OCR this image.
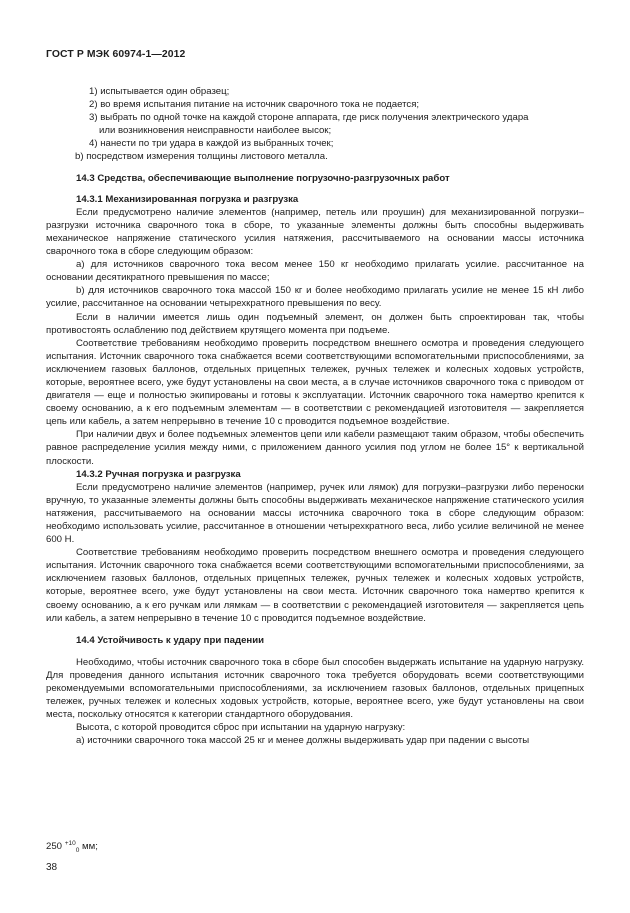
ГОСТ Р МЭК 60974-1—2012

1) испытывается один образец;

2) во время испытания питание на источник сварочного тока не подается;

3) выбрать по одной точке на каждой стороне аппарата, где риск получения электрического удара
или возникновения неисправности наиболее высок;

4) нанести по три удара в каждой из выбранных точек;

b) посредством измерения толщины листового металла.

14.3 Средства, обеспечивающие выполнение погрузочно-разгрузочных работ

14.3.1 Механизированная погрузка и разгрузка

Если предусмотрено наличие элементов (например, петель или проушин) для механизированной погрузки–разгрузки источника сварочного тока в сборе, то указанные элементы должны быть способны выдерживать механическое напряжение статического усилия натяжения, рассчитываемого на основании массы источника сварочного тока в сборе следующим образом:

a) для источников сварочного тока весом менее 150 кг необходимо прилагать усилие. рассчитанное на основании десятикратного превышения по массе;

b) для источников сварочного тока массой 150 кг и более необходимо прилагать усилие не менее 15 кН либо усилие, рассчитанное на основании четырехкратного превышения по весу.

Если в наличии имеется лишь один подъемный элемент, он должен быть спроектирован так, чтобы противостоять ослаблению под действием крутящего момента при подъеме.

Соответствие требованиям необходимо проверить посредством внешнего осмотра и проведения следующего испытания. Источник сварочного тока снабжается всеми соответствующими вспомогательными приспособлениями, за исключением газовых баллонов, отдельных прицепных тележек, ручных тележек и колесных ходовых устройств, которые, вероятнее всего, уже будут установлены на свои места, а в случае источников сварочного тока с приводом от двигателя — еще и полностью экипированы и готовы к эксплуатации. Источник сварочного тока намертво крепится к своему основанию, а к его подъемным элементам — в соответствии с рекомендацией изготовителя — закрепляется цепь или кабель, а затем непрерывно в течение 10 с проводится подъемное воздействие.

При наличии двух и более подъемных элементов цепи или кабели размещают таким образом, чтобы обеспечить равное распределение усилия между ними, с приложением данного усилия под углом не более 15° к вертикальной плоскости.

14.3.2 Ручная погрузка и разгрузка

Если предусмотрено наличие элементов (например, ручек или лямок) для погрузки–разгрузки либо переноски вручную, то указанные элементы должны быть способны выдерживать механическое напряжение статического усилия натяжения, рассчитываемого на основании массы источника сварочного тока в сборе следующим образом: необходимо использовать усилие, рассчитанное в отношении четырехкратного веса, либо усилие величиной не менее 600 Н.

Соответствие требованиям необходимо проверить посредством внешнего осмотра и проведения следующего испытания. Источник сварочного тока снабжается всеми соответствующими вспомогательными приспособлениями, за исключением газовых баллонов, отдельных прицепных тележек, ручных тележек и колесных ходовых устройств, которые, вероятнее всего, уже будут установлены на свои места. Источник сварочного тока намертво крепится к своему основанию, а к его ручкам или лямкам — в соответствии с рекомендацией изготовителя — закрепляется цепь или кабель, а затем непрерывно в течение 10 с проводится подъемное воздействие.

14.4 Устойчивость к удару при падении

Необходимо, чтобы источник сварочного тока в сборе был способен выдержать испытание на ударную нагрузку. Для проведения данного испытания источник сварочного тока требуется оборудовать всеми соответствующими рекомендуемыми вспомогательными приспособлениями, за исключением газовых баллонов, отдельных прицепных тележек, ручных тележек и колесных ходовых устройств, которые, вероятнее всего, уже будут установлены на свои места, поскольку относятся к категории стандартного оборудования.

Высота, с которой проводится сброс при испытании на ударную нагрузку:

a) источники сварочного тока массой 25 кг и менее должны выдерживать удар при падении с высоты

250 $^{+10}_0$ мм;
38
